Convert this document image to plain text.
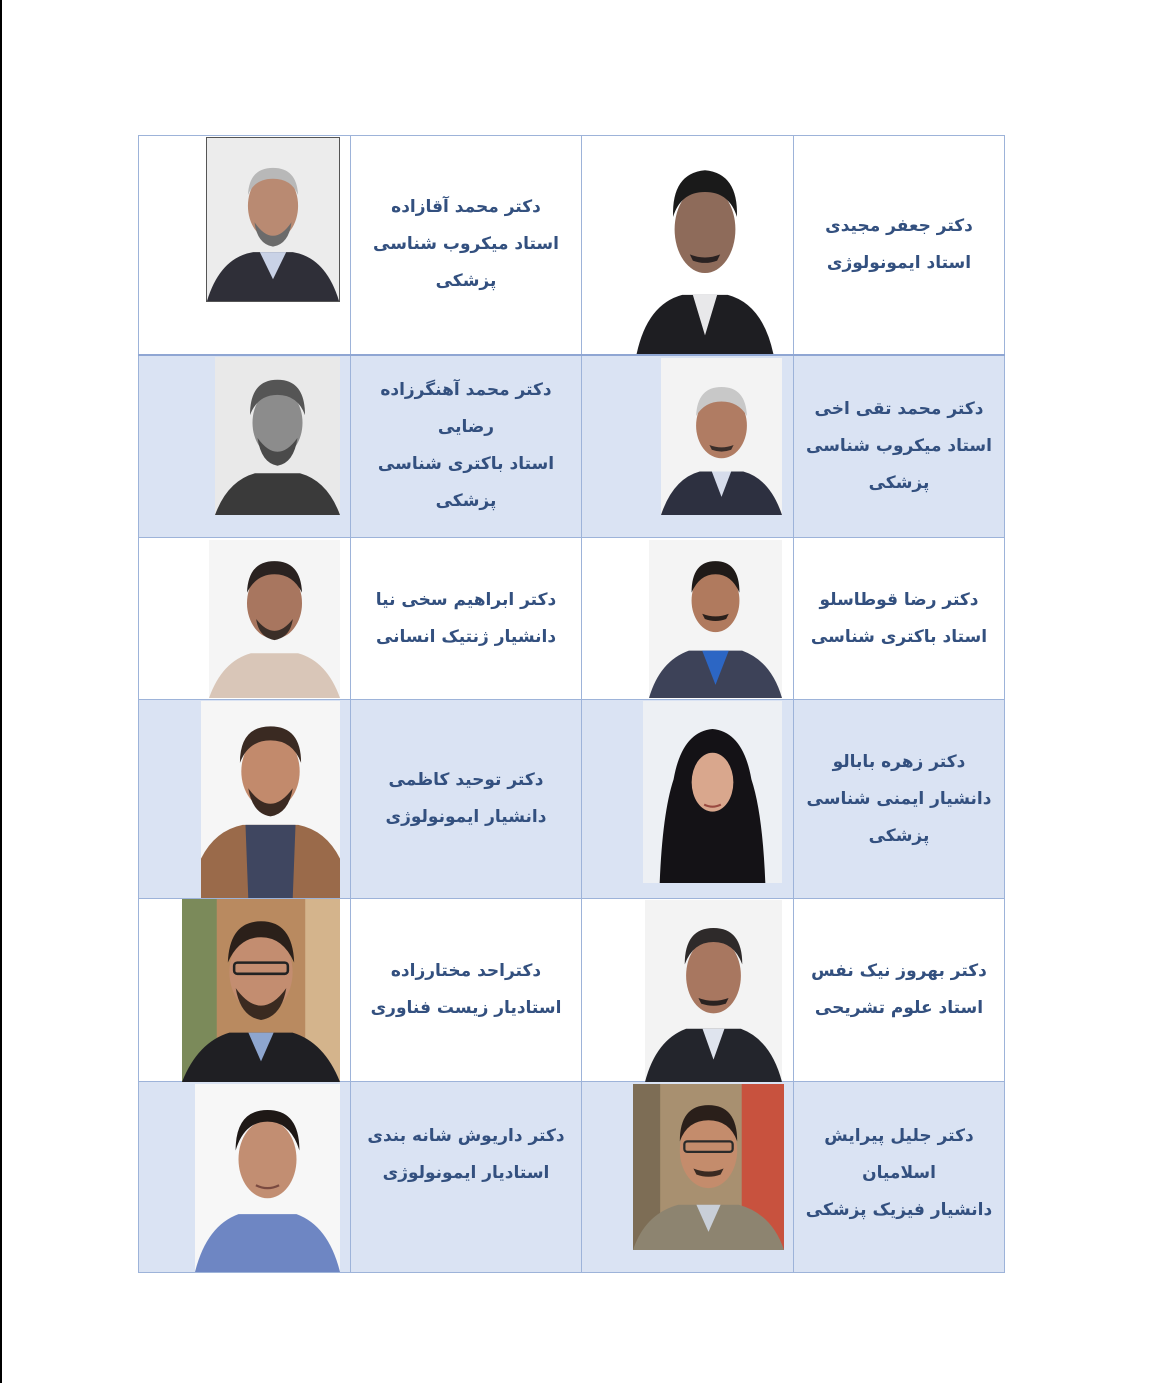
دکتر محمد آقازاده
استاد میکروب شناسی
پزشکی		دکتر جعفر مجیدی
استاد ایمونولوژی

دکتر محمد آهنگرزاده
رضایی
استاد باکتری شناسی
پزشکی		دکتر محمد تقی اخی
استاد میکروب شناسی
پزشکی

دکتر ابراهیم سخی نیا
دانشیار ژنتیک انسانی		دکتر رضا قوطاسلو
استاد باکتری شناسی

دکتر توحید کاظمی
دانشیار ایمونولوژی		دکتر زهره بابالو
دانشیار ایمنی شناسی
پزشکی

دکتراحد مختارزاده
استادیار زیست فناوری		دکتر بهروز نیک نفس
استاد علوم تشریحی

دکتر داریوش شانه بندی
استادیار ایمونولوژی		دکتر جلیل پیرایش
اسلامیان
دانشیار فیزیک پزشکی
